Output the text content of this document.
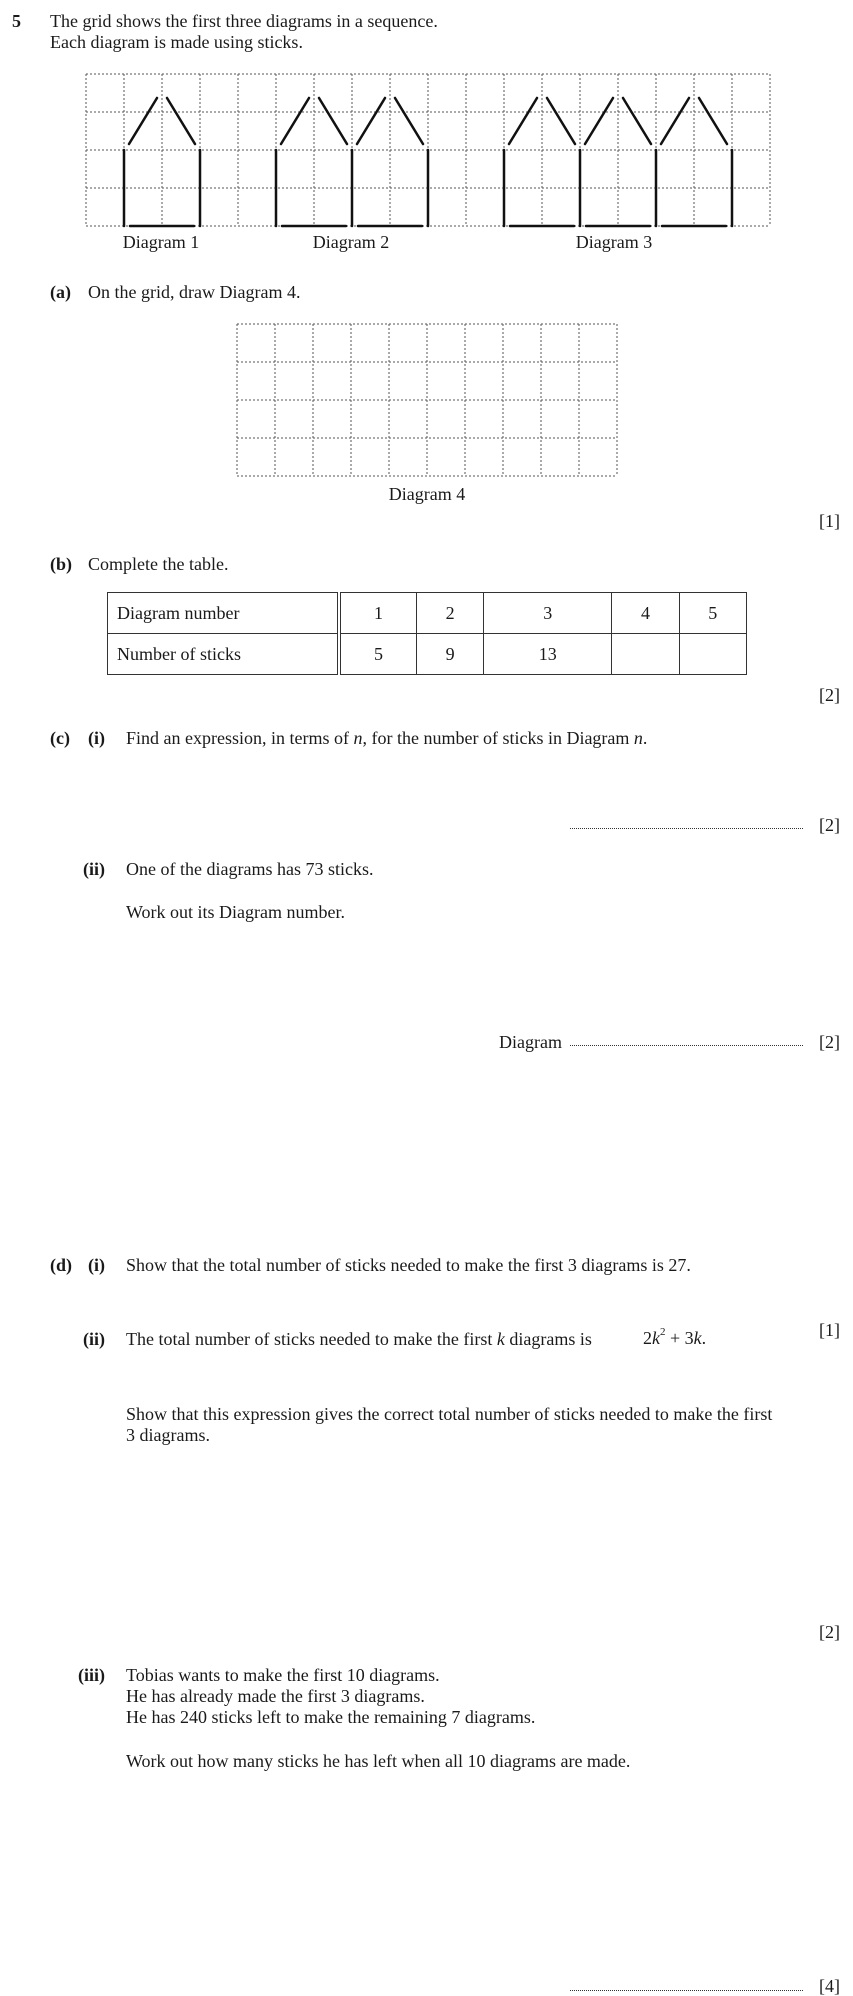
5 The grid shows the first three diagrams in a sequence.
Each diagram is made using sticks.
Diagram 1	Diagram 2	Diagram 3
(a) On the grid, draw Diagram 4.
Diagram 4
[1]
(b) Complete the table.
Diagram number	1	2	3	4	5
Number of sticks	5	9	13		
[2]
(c) (i) Find an expression, in terms of n, for the number of sticks in Diagram n.
[2]
(ii) One of the diagrams has 73 sticks.
Work out its Diagram number.
Diagram	[2]
(d) (i) Show that the total number of sticks needed to make the first 3 diagrams is 27.
[1]
(ii) The total number of sticks needed to make the first k diagrams is	$2k^2 + 3k$.
Show that this expression gives the correct total number of sticks needed to make the first
3 diagrams.
[2]
(iii) Tobias wants to make the first 10 diagrams.
He has already made the first 3 diagrams.
He has 240 sticks left to make the remaining 7 diagrams.
Work out how many sticks he has left when all 10 diagrams are made.
[4]
